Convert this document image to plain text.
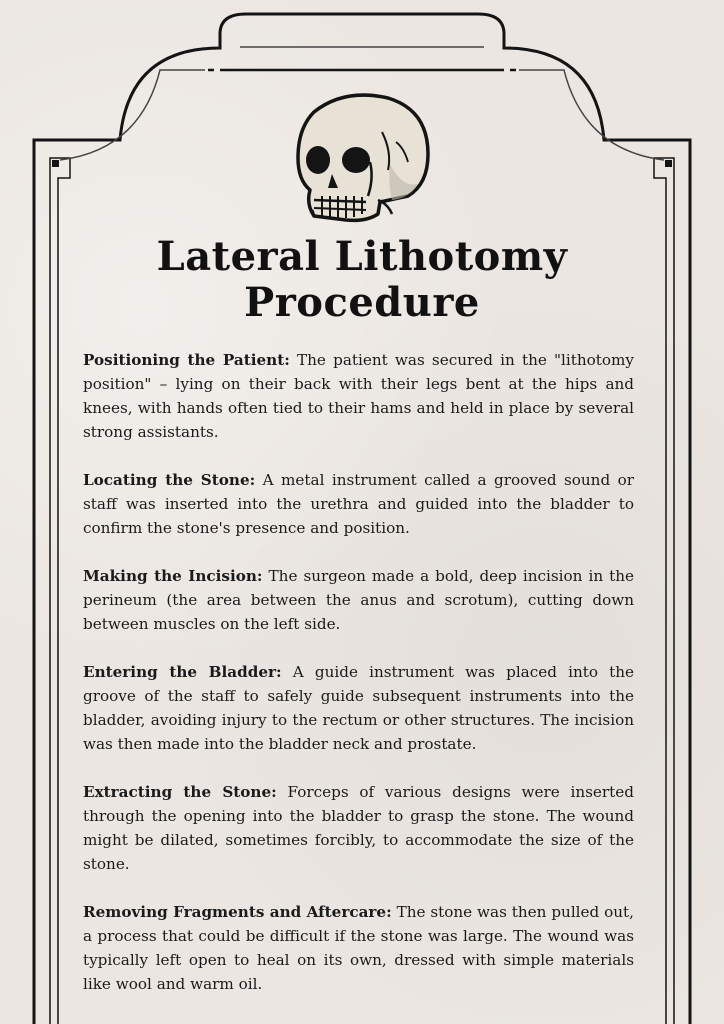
Lateral Lithotomy
Procedure

Positioning the Patient: The patient was secured in the "lithotomy position" – lying on their back with their legs bent at the hips and knees, with hands often tied to their hams and held in place by several strong assistants.

Locating the Stone: A metal instrument called a grooved sound or staff was inserted into the urethra and guided into the bladder to confirm the stone's presence and position.

Making the Incision: The surgeon made a bold, deep incision in the perineum (the area between the anus and scrotum), cutting down between muscles on the left side.

Entering the Bladder: A guide instrument was placed into the groove of the staff to safely guide subsequent instruments into the bladder, avoiding injury to the rectum or other structures. The incision was then made into the bladder neck and prostate.

Extracting the Stone: Forceps of various designs were inserted through the opening into the bladder to grasp the stone. The wound might be dilated, sometimes forcibly, to accommodate the size of the stone.

Removing Fragments and Aftercare: The stone was then pulled out, a process that could be difficult if the stone was large. The wound was typically left open to heal on its own, dressed with simple materials like wool and warm oil.
